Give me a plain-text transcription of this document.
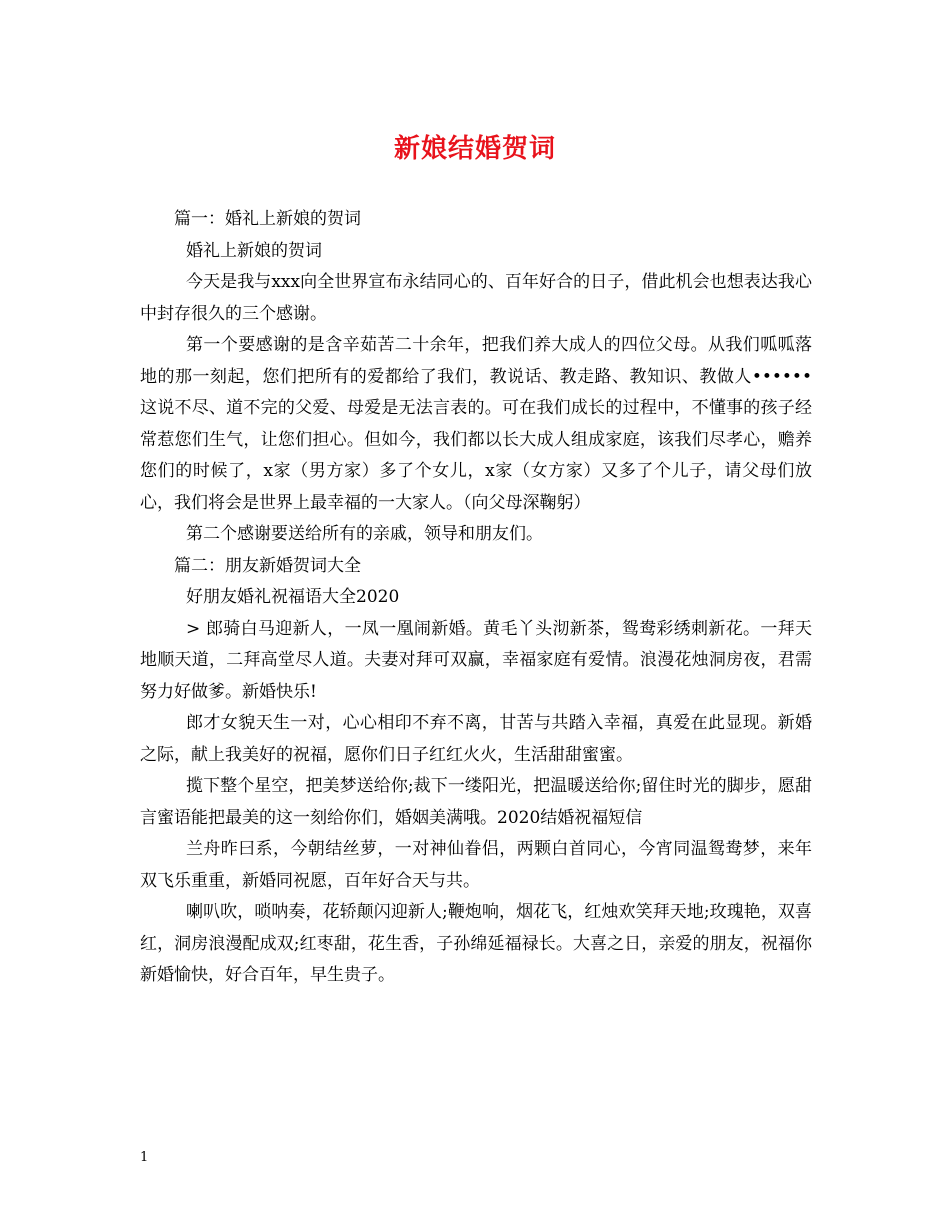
新娘结婚贺词

篇一：婚礼上新娘的贺词

婚礼上新娘的贺词

今天是我与xxx向全世界宣布永结同心的、百年好合的日子，借此机会也想表达我心中封存很久的三个感谢。

第一个要感谢的是含辛茹苦二十余年，把我们养大成人的四位父母。从我们呱呱落地的那一刻起，您们把所有的爱都给了我们，教说话、教走路、教知识、教做人••••••这说不尽、道不完的父爱、母爱是无法言表的。可在我们成长的过程中，不懂事的孩子经常惹您们生气，让您们担心。但如今，我们都以长大成人组成家庭，该我们尽孝心，赡养您们的时候了，x家（男方家）多了个女儿，x家（女方家）又多了个儿子，请父母们放心，我们将会是世界上最幸福的一大家人。（向父母深鞠躬）

第二个感谢要送给所有的亲戚，领导和朋友们。

篇二：朋友新婚贺词大全

好朋友婚礼祝福语大全2020

> 郎骑白马迎新人，一凤一凰闹新婚。黄毛丫头沏新茶，鸳鸯彩绣刺新花。一拜天地顺天道，二拜高堂尽人道。夫妻对拜可双赢，幸福家庭有爱情。浪漫花烛洞房夜，君需努力好做爹。新婚快乐!

郎才女貌天生一对，心心相印不弃不离，甘苦与共踏入幸福，真爱在此显现。新婚之际，献上我美好的祝福，愿你们日子红红火火，生活甜甜蜜蜜。

揽下整个星空，把美梦送给你;裁下一缕阳光，把温暖送给你;留住时光的脚步，愿甜言蜜语能把最美的这一刻给你们，婚姻美满哦。2020结婚祝福短信

兰舟昨曰系，今朝结丝萝，一对神仙眷侣，两颗白首同心，今宵同温鸳鸯梦，来年双飞乐重重，新婚同祝愿，百年好合天与共。

喇叭吹，唢呐奏，花轿颠闪迎新人;鞭炮响，烟花飞，红烛欢笑拜天地;玫瑰艳，双喜红，洞房浪漫配成双;红枣甜，花生香，子孙绵延福禄长。大喜之日，亲爱的朋友，祝福你新婚愉快，好合百年，早生贵子。

1
